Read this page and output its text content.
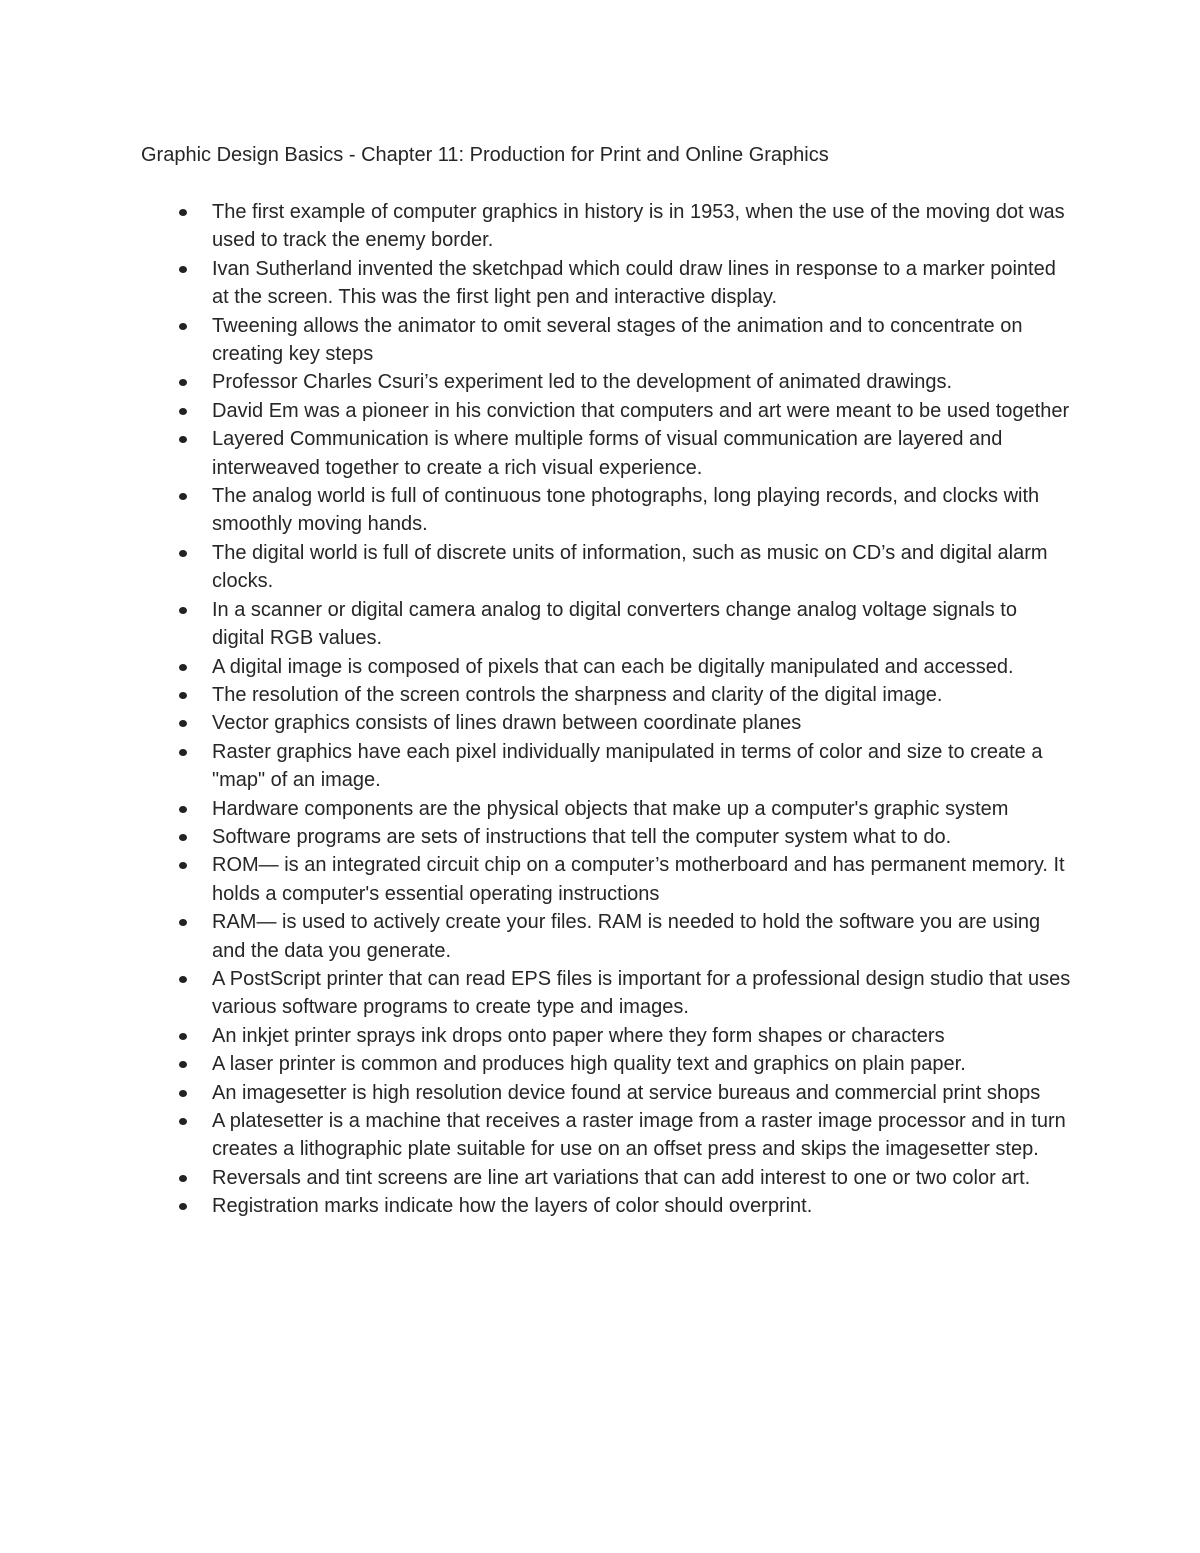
Graphic Design Basics - Chapter 11: Production for Print and Online Graphics
The first example of computer graphics in history is in 1953, when the use of the moving dot was used to track the enemy border.
Ivan Sutherland invented the sketchpad which could draw lines in response to a marker pointed at the screen. This was the first light pen and interactive display.
Tweening allows the animator to omit several stages of the animation and to concentrate on creating key steps
Professor Charles Csuri’s experiment led to the development of animated drawings.
David Em was a pioneer in his conviction that computers and art were meant to be used together
Layered Communication is where multiple forms of visual communication are layered and interweaved together to create a rich visual experience.
The analog world is full of continuous tone photographs, long playing records, and clocks with smoothly moving hands.
The digital world is full of discrete units of information, such as music on CD’s and digital alarm clocks.
In a scanner or digital camera analog to digital converters change analog voltage signals to digital RGB values.
A digital image is composed of pixels that can each be digitally manipulated and accessed.
The resolution of the screen controls the sharpness and clarity of the digital image.
Vector graphics consists of lines drawn between coordinate planes
Raster graphics have each pixel individually manipulated in terms of color and size to create a "map" of an image.
Hardware components are the physical objects that make up a computer's graphic system
Software programs are sets of instructions that tell the computer system what to do.
ROM— is an integrated circuit chip on a computer’s motherboard and has permanent memory. It holds a computer's essential operating instructions
RAM— is used to actively create your files. RAM is needed to hold the software you are using and the data you generate.
A PostScript printer that can read EPS files is important for a professional design studio that uses various software programs to create type and images.
An inkjet printer sprays ink drops onto paper where they form shapes or characters
A laser printer is common and produces high quality text and graphics on plain paper.
An imagesetter is high resolution device found at service bureaus and commercial print shops
A platesetter is a machine that receives a raster image from a raster image processor and in turn creates a lithographic plate suitable for use on an offset press and skips the imagesetter step.
Reversals and tint screens are line art variations that can add interest to one or two color art.
Registration marks indicate how the layers of color should overprint.
